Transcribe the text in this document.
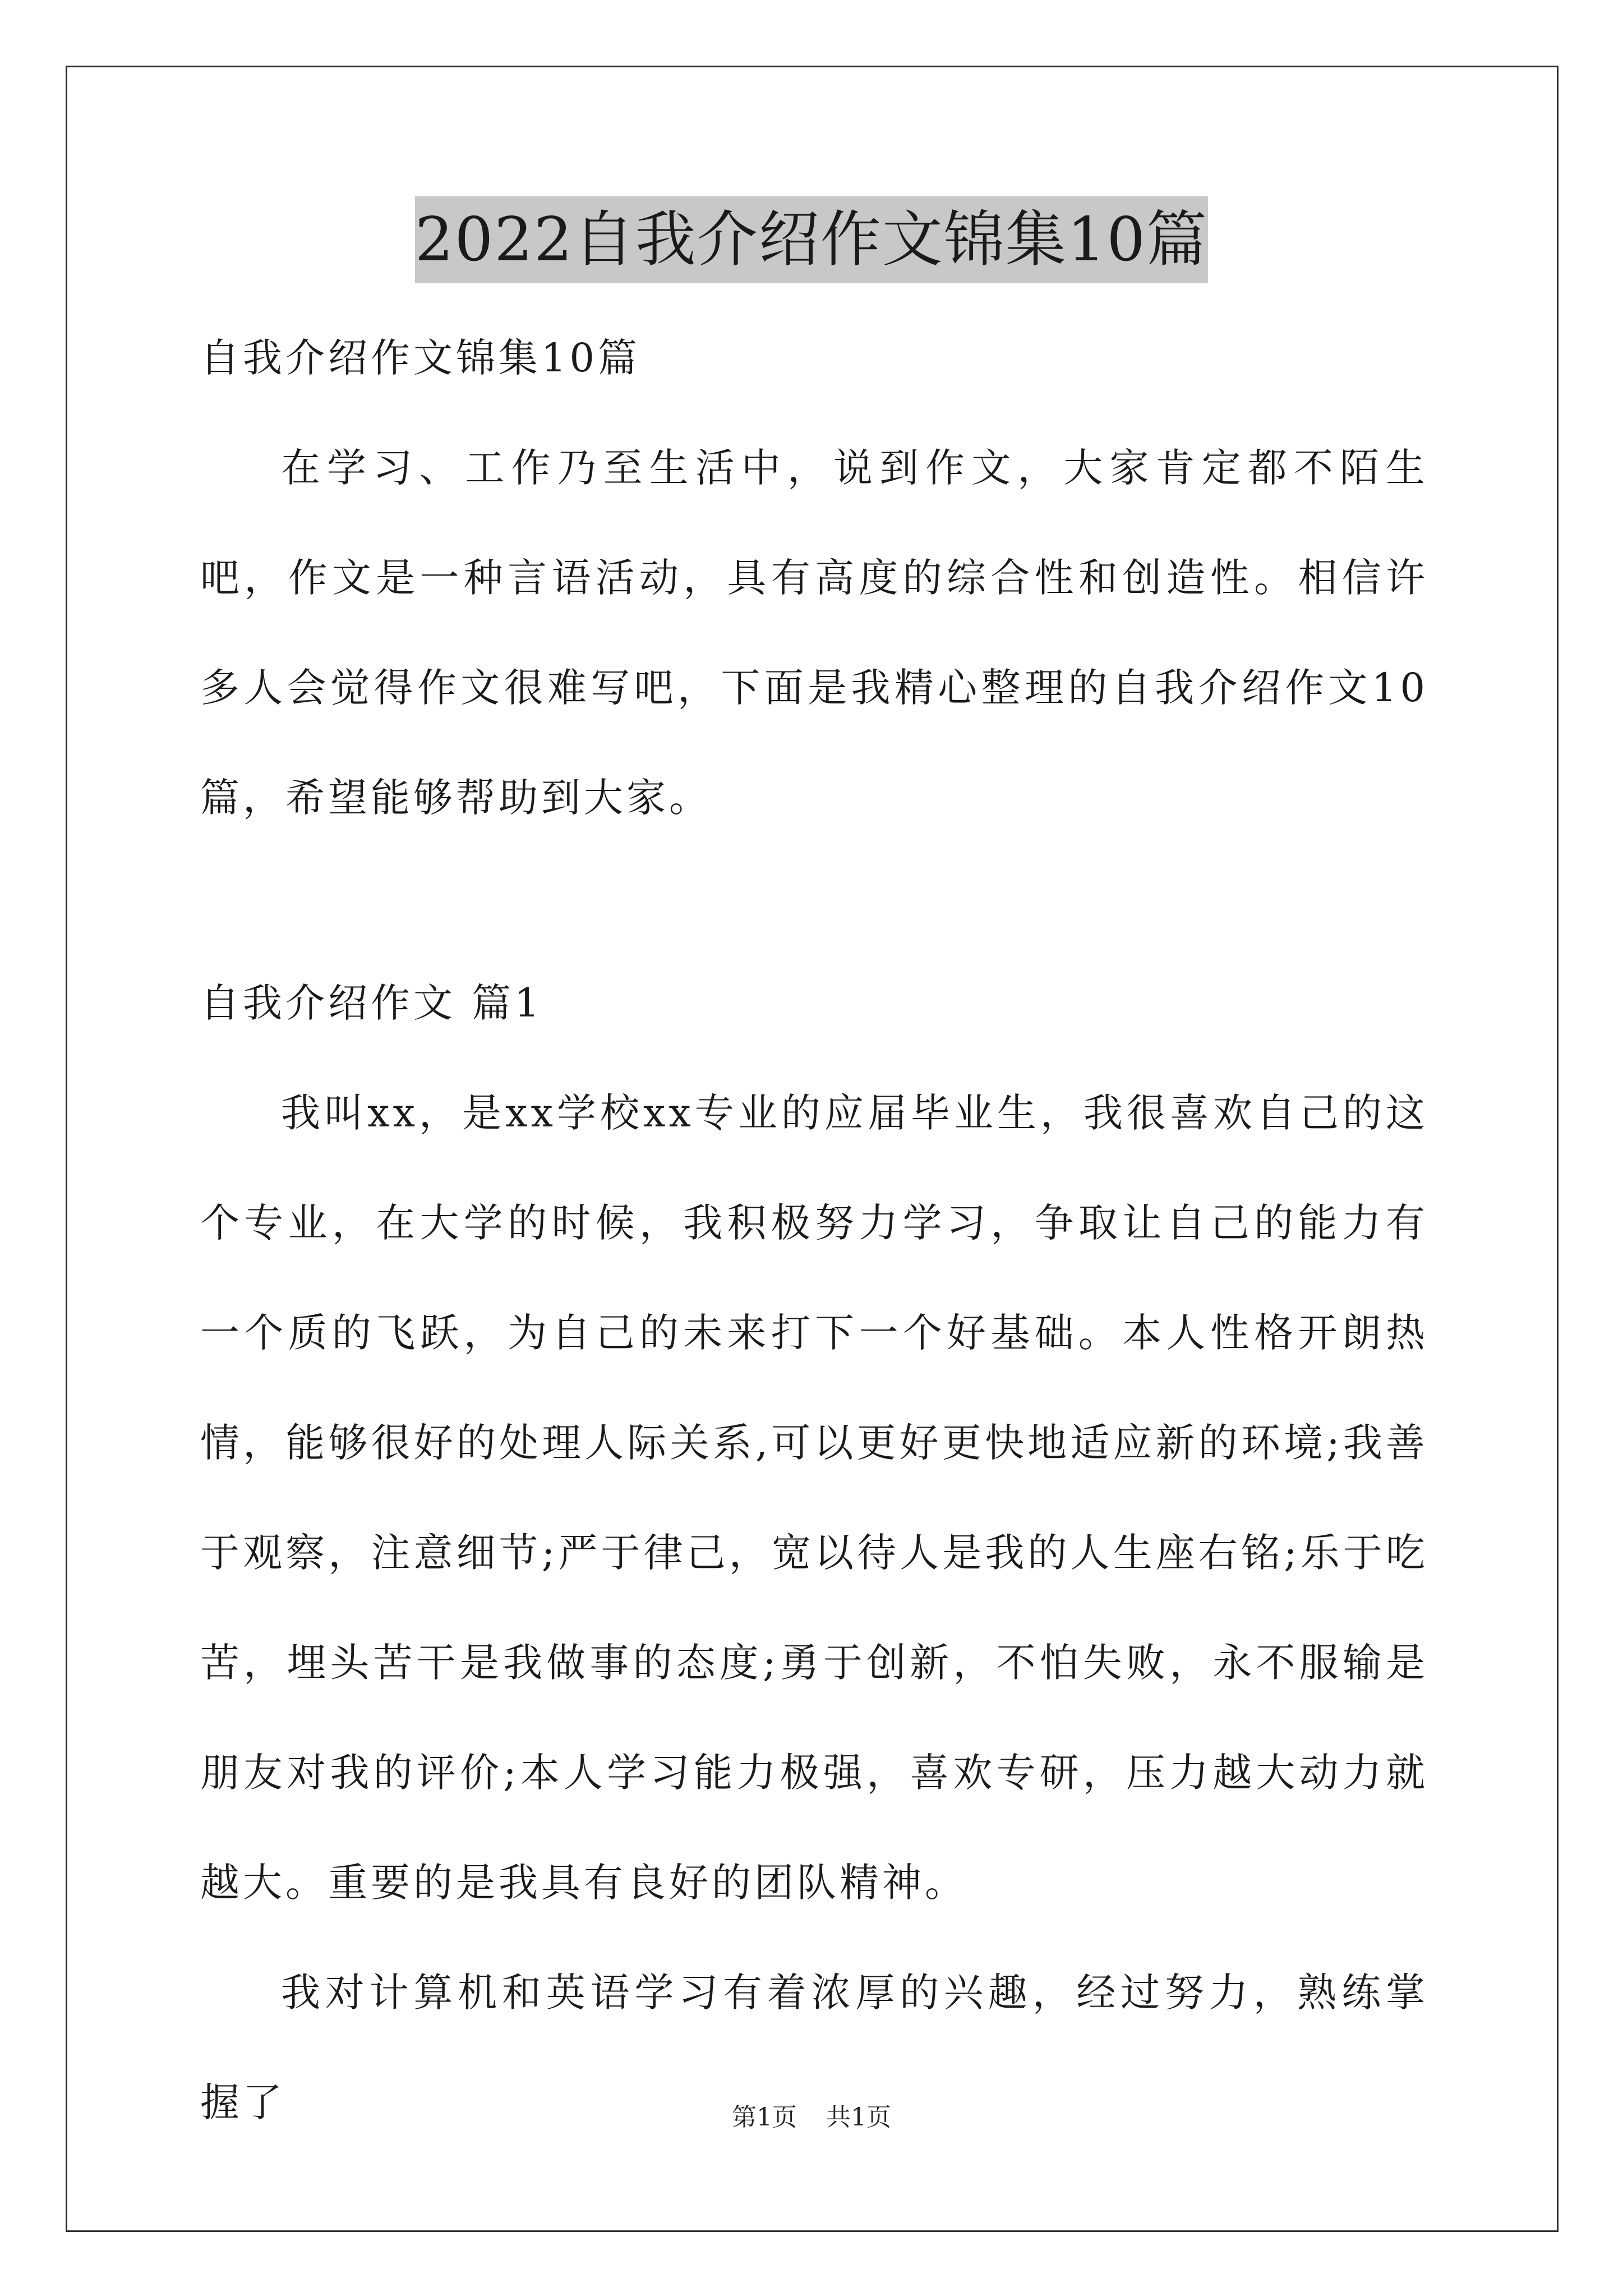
2022自我介绍作文锦集10篇

自我介绍作文锦集10篇

在学习、工作乃至生活中，说到作文，大家肯定都不陌生吧，作文是一种言语活动，具有高度的综合性和创造性。相信许多人会觉得作文很难写吧，下面是我精心整理的自我介绍作文10篇，希望能够帮助到大家。

自我介绍作文 篇1

我叫xx，是xx学校xx专业的应届毕业生，我很喜欢自己的这个专业，在大学的时候，我积极努力学习，争取让自己的能力有一个质的飞跃，为自己的未来打下一个好基础。本人性格开朗热情，能够很好的处理人际关系,可以更好更快地适应新的环境;我善于观察，注意细节;严于律己，宽以待人是我的人生座右铭;乐于吃苦，埋头苦干是我做事的态度;勇于创新，不怕失败，永不服输是朋友对我的评价;本人学习能力极强，喜欢专研，压力越大动力就越大。重要的是我具有良好的团队精神。

我对计算机和英语学习有着浓厚的兴趣，经过努力，熟练掌握了	第1页 共1页
